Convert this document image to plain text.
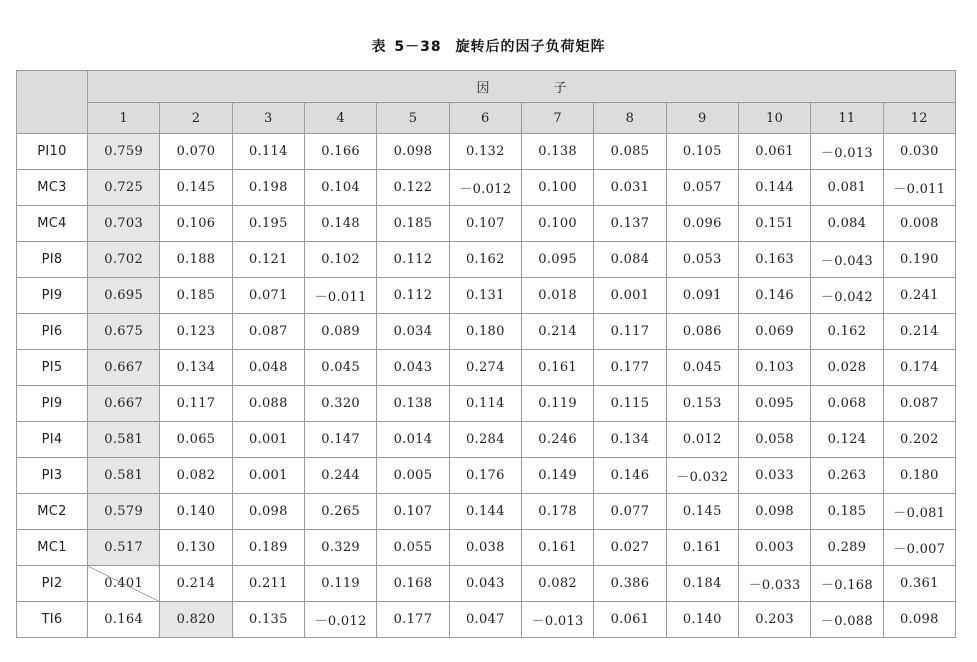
表 5－38 旋转后的因子负荷矩阵
	因 子											
	1	2	3	4	5	6	7	8	9	10	11	12
PI10	0.759	0.070	0.114	0.166	0.098	0.132	0.138	0.085	0.105	0.061	－0.013	0.030
MC3	0.725	0.145	0.198	0.104	0.122	－0.012	0.100	0.031	0.057	0.144	0.081	－0.011
MC4	0.703	0.106	0.195	0.148	0.185	0.107	0.100	0.137	0.096	0.151	0.084	0.008
PI8	0.702	0.188	0.121	0.102	0.112	0.162	0.095	0.084	0.053	0.163	－0.043	0.190
PI9	0.695	0.185	0.071	－0.011	0.112	0.131	0.018	0.001	0.091	0.146	－0.042	0.241
PI6	0.675	0.123	0.087	0.089	0.034	0.180	0.214	0.117	0.086	0.069	0.162	0.214
PI5	0.667	0.134	0.048	0.045	0.043	0.274	0.161	0.177	0.045	0.103	0.028	0.174
PI9	0.667	0.117	0.088	0.320	0.138	0.114	0.119	0.115	0.153	0.095	0.068	0.087
PI4	0.581	0.065	0.001	0.147	0.014	0.284	0.246	0.134	0.012	0.058	0.124	0.202
PI3	0.581	0.082	0.001	0.244	0.005	0.176	0.149	0.146	－0.032	0.033	0.263	0.180
MC2	0.579	0.140	0.098	0.265	0.107	0.144	0.178	0.077	0.145	0.098	0.185	－0.081
MC1	0.517	0.130	0.189	0.329	0.055	0.038	0.161	0.027	0.161	0.003	0.289	－0.007
PI2	0.401	0.214	0.211	0.119	0.168	0.043	0.082	0.386	0.184	－0.033	－0.168	0.361
TI6	0.164	0.820	0.135	－0.012	0.177	0.047	－0.013	0.061	0.140	0.203	－0.088	0.098
